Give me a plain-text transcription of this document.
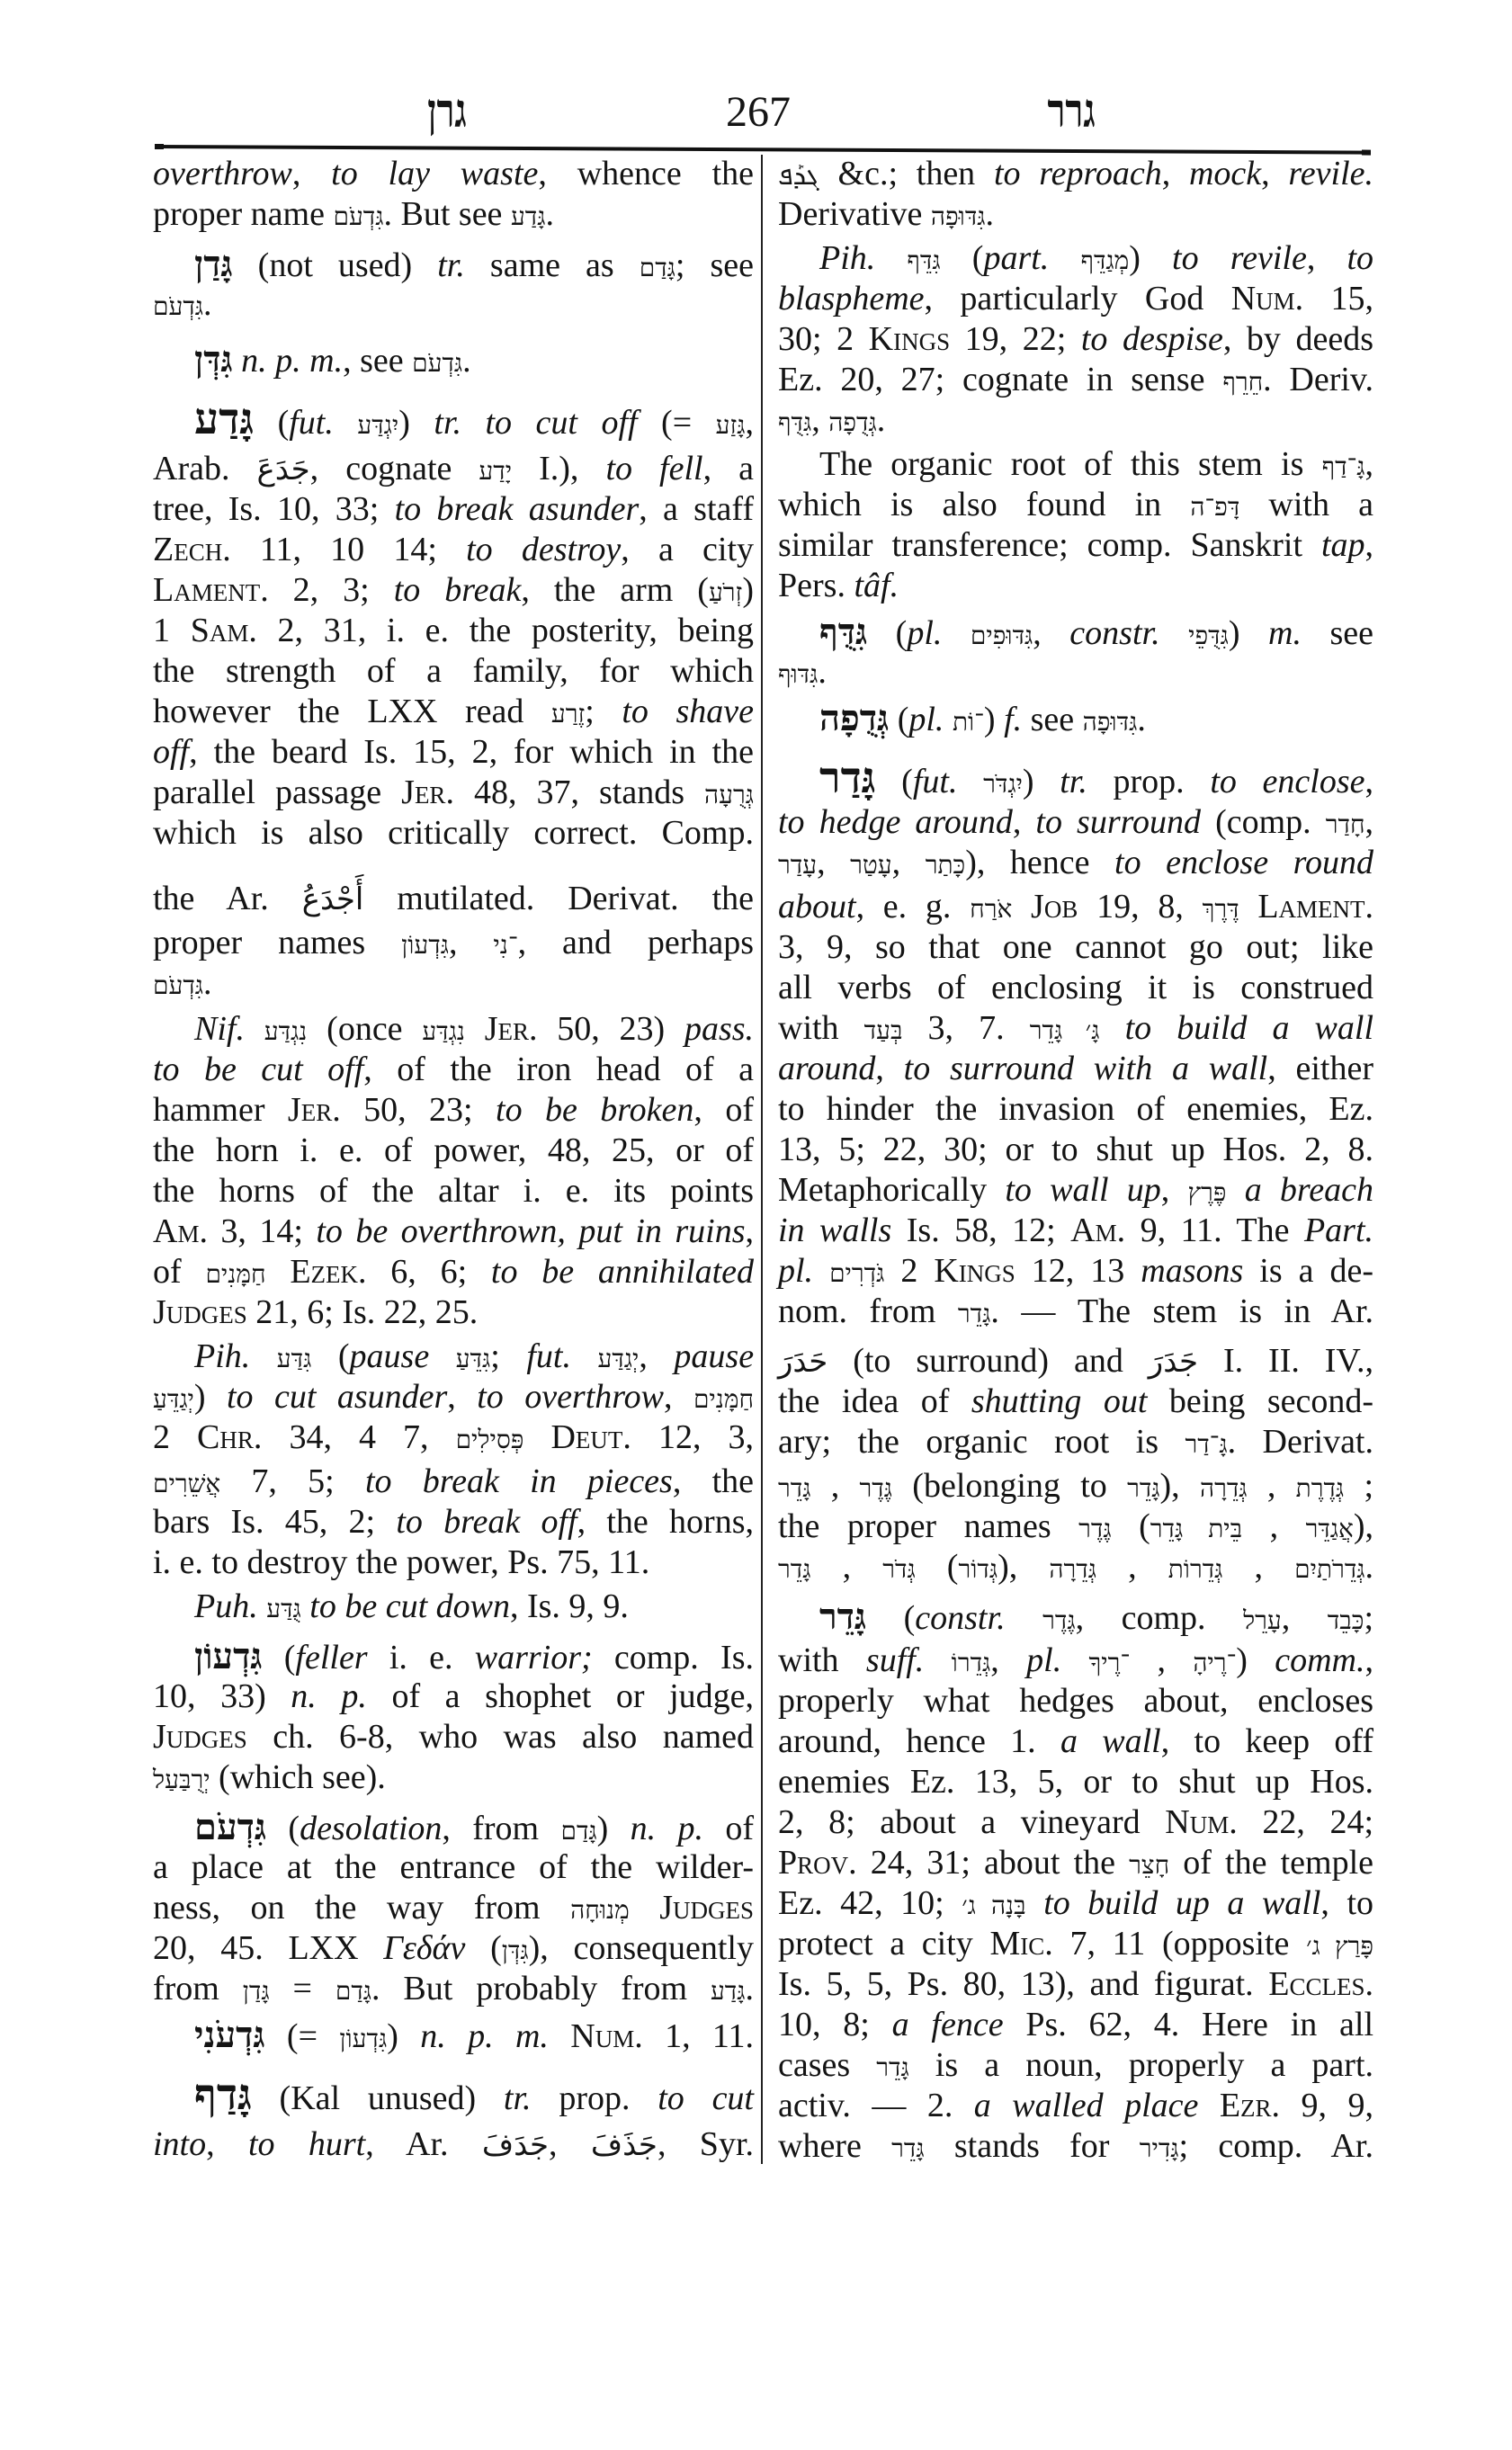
גרן	267	גרר
overthrow, to lay waste, whence the
proper name גִּדְעֹם. But see גָּדַע.
גָּדַן (not used) tr. same as גָּדַם; see
גִּדְעֹם.
גִּדְּן n. p. m., see גִּדְעֹם.
גָּדַע (fut. יִגְדַּע) tr. to cut off (= גָּזַע,
Arab. جَدَعَ, cognate יָדַע I.), to fell, a
tree, Is. 10, 33; to break asunder, a staff
Zech. 11, 10 14; to destroy, a city
Lament. 2, 3; to break, the arm (זְרֹעַ)
1 Sam. 2, 31, i. e. the posterity, being
the strength of a family, for which
however the LXX read זֶרַע; to shave
off, the beard Is. 15, 2, for which in the
parallel passage Jer. 48, 37, stands גְּרֻעָה
which is also critically correct. Comp.
the Ar. أَجْدَعُ mutilated. Derivat. the
proper names גִּדְעוֹן, ־נִי, and perhaps
גִּדְעֹם.
Nif. נִגְדַּע (once נִגְדַּע Jer. 50, 23) pass.
to be cut off, of the iron head of a
hammer Jer. 50, 23; to be broken, of
the horn i. e. of power, 48, 25, or of
the horns of the altar i. e. its points
Am. 3, 14; to be overthrown, put in ruins,
of חַמָּנִים Ezek. 6, 6; to be annihilated
Judges 21, 6; Is. 22, 25.
Pih. גִּדַּע (pause גִּדֵּעַ; fut. יְגַדַּע, pause
יְגַדֵּעַ) to cut asunder, to overthrow, חַמָּנִים
2 Chr. 34, 4 7, פְּסִילִים Deut. 12, 3,
אֲשֵׁרִים 7, 5; to break in pieces, the
bars Is. 45, 2; to break off, the horns,
i. e. to destroy the power, Ps. 75, 11.
Puh. גֻּדַּע to be cut down, Is. 9, 9.
גִּדְעוֹן (feller i. e. warrior; comp. Is.
10, 33) n. p. of a shophet or judge,
Judges ch. 6-8, who was also named
יְרֻבַּעַל (which see).
גִּדְעֹם (desolation, from גָּדַם) n. p. of
a place at the entrance of the wilder-
ness, on the way from מְנוּחָה Judges
20, 45. LXX Γεδάν (גִּדְּן), consequently
from גָּדַן = גָּדַם. But probably from גָּדַע.
גִּדְעֹנִי (= גִּדְעוֹן) n. p. m. Num. 1, 11.
גָּדַף (Kal unused) tr. prop. to cut
into, to hurt, Ar. جَدَفَ, جَذَفَ, Syr.
ܓܕܰܦ &c.; then to reproach, mock, revile.
Derivative גִּדּוּפָה.
Pih. גִּדֵּף (part. מְגַדֵּף) to revile, to
blaspheme, particularly God Num. 15,
30; 2 Kings 19, 22; to despise, by deeds
Ez. 20, 27; cognate in sense חֵרֵף. Deriv.
גִּדֻּף, גְּדֻפָה.
The organic root of this stem is גָּ־דַף,
which is also found in דָּפ־ה with a
similar transference; comp. Sanskrit tap,
Pers. tâf.
גִּדֻּף (pl. גִּדּוּפִים, constr. גִּדֻּפֵי) m. see
גִּדּוּף.
גְּדֻפָה (pl. ־וֹת) f. see גִּדּוּפָה.
גָּדַר (fut. יִגְדֹּר) tr. prop. to enclose,
to hedge around, to surround (comp. חָדַר,
עָדַר, עָטַר, כָּתַר), hence to enclose round
about, e. g. אֹרַח Job 19, 8, דֶּרֶךְ Lament.
3, 9, so that one cannot go out; like
all verbs of enclosing it is construed
with בְּעַד 3, 7. גָּ׳ גָּדֵר to build a wall
around, to surround with a wall, either
to hinder the invasion of enemies, Ez.
13, 5; 22, 30; or to shut up Hos. 2, 8.
Metaphorically to wall up, פֶּרֶץ a breach
in walls Is. 58, 12; Am. 9, 11. The Part.
pl. גֹּדְרִים 2 Kings 12, 13 masons is a de-
nom. from גָּדֵר. — The stem is in Ar.
حَدَرَ (to surround) and جَدَرَ I. II. IV.,
the idea of shutting out being second-
ary; the organic root is גָּ־דַר. Derivat.
גָּדֵר , גֶּדֶר (belonging to גָּדֵר), גְּדֵרָה , גְּדֶרֶת ;
the proper names גֶּדֶר (בֵּית גָּדֵר , אֲגַדֵּר),
גָּדֵר , גְּדֹר (גְּדוֹר), גְּדֵרָה , גְּדֵרוֹת , גְּדֵרֹתַיִם.
גָּדֵר (constr. גֶּדֶר, comp. עָרֵל, כָּבֵד;
with suff. גְּדֵרוֹ, pl. ־רֶיךָ , ־רֶיהָ) comm.,
properly what hedges about, encloses
around, hence 1. a wall, to keep off
enemies Ez. 13, 5, or to shut up Hos.
2, 8; about a vineyard Num. 22, 24;
Prov. 24, 31; about the חָצֵר of the temple
Ez. 42, 10; בָּנָה ג׳ to build up a wall, to
protect a city Mic. 7, 11 (opposite פָּרַץ ג׳
Is. 5, 5, Ps. 80, 13), and figurat. Eccles.
10, 8; a fence Ps. 62, 4. Here in all
cases גָּדֵר is a noun, properly a part.
activ. — 2. a walled place Ezr. 9, 9,
where גָּדֵר stands for גָּדִיר; comp. Ar.
